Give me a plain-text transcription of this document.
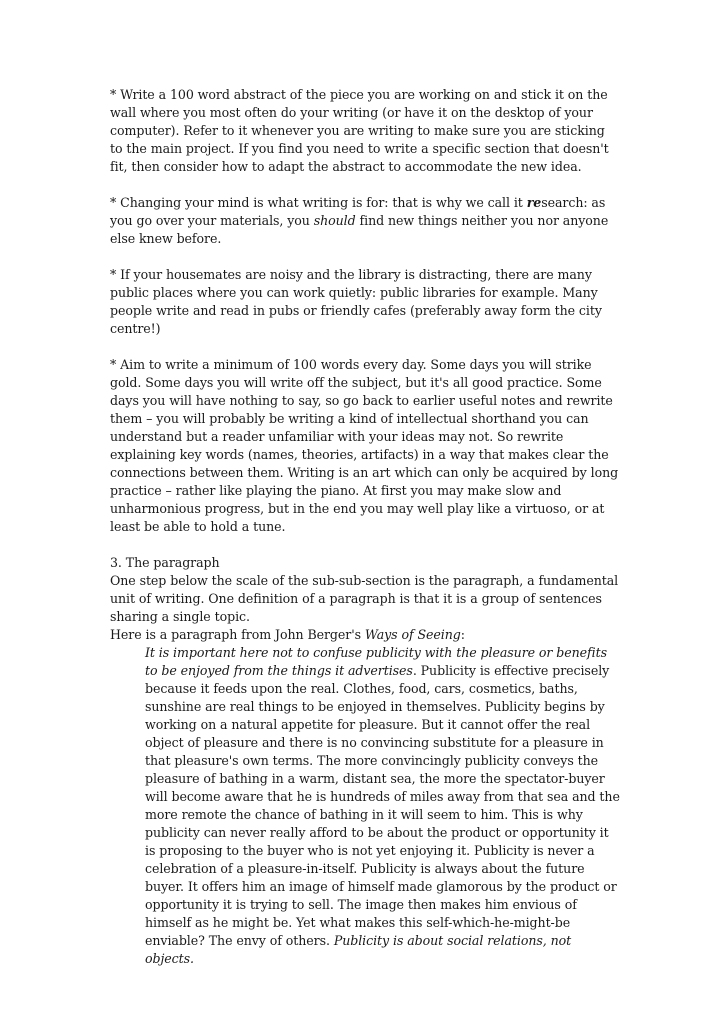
* Write a 100 word abstract of the piece you are working on and stick it on the wall where you most often do your writing (or have it on the desktop of your computer). Refer to it whenever you are writing to make sure you are sticking to the main project. If you find you need to write a specific section that doesn't fit, then consider how to adapt the abstract to accommodate the new idea.

* Changing your mind is what writing is for: that is why we call it research: as you go over your materials, you should find new things neither you nor anyone else knew before.

* If your housemates are noisy and the library is distracting, there are many public places where you can work quietly: public libraries for example. Many people write and read in pubs or friendly cafes (preferably away form the city centre!)

* Aim to write a minimum of 100 words every day. Some days you will strike gold. Some days you will write off the subject, but it's all good practice. Some days you will have nothing to say, so go back to earlier useful notes and rewrite them – you will probably be writing a kind of intellectual shorthand you can understand but a reader unfamiliar with your ideas may not. So rewrite explaining key words (names, theories, artifacts) in a way that makes clear the connections between them. Writing is an art which can only be acquired by long practice – rather like playing the piano. At first you may make slow and unharmonious progress, but in the end you may well play like a virtuoso, or at least be able to hold a tune.

3. The paragraph

One step below the scale of the sub-sub-section is the paragraph, a fundamental unit of writing. One definition of a paragraph is that it is a group of sentences sharing a single topic.

Here is a paragraph from John Berger's Ways of Seeing:

It is important here not to confuse publicity with the pleasure or benefits to be enjoyed from the things it advertises. Publicity is effective precisely because it feeds upon the real. Clothes, food, cars, cosmetics, baths, sunshine are real things to be enjoyed in themselves. Publicity begins by working on a natural appetite for pleasure. But it cannot offer the real object of pleasure and there is no convincing substitute for a pleasure in that pleasure's own terms. The more convincingly publicity conveys the pleasure of bathing in a warm, distant sea, the more the spectator-buyer will become aware that he is hundreds of miles away from that sea and the more remote the chance of bathing in it will seem to him. This is why publicity can never really afford to be about the product or opportunity it is proposing to the buyer who is not yet enjoying it. Publicity is never a celebration of a pleasure-in-itself. Publicity is always about the future buyer. It offers him an image of himself made glamorous by the product or opportunity it is trying to sell. The image then makes him envious of himself as he might be. Yet what makes this self-which-he-might-be enviable? The envy of others. Publicity is about social relations, not objects.
